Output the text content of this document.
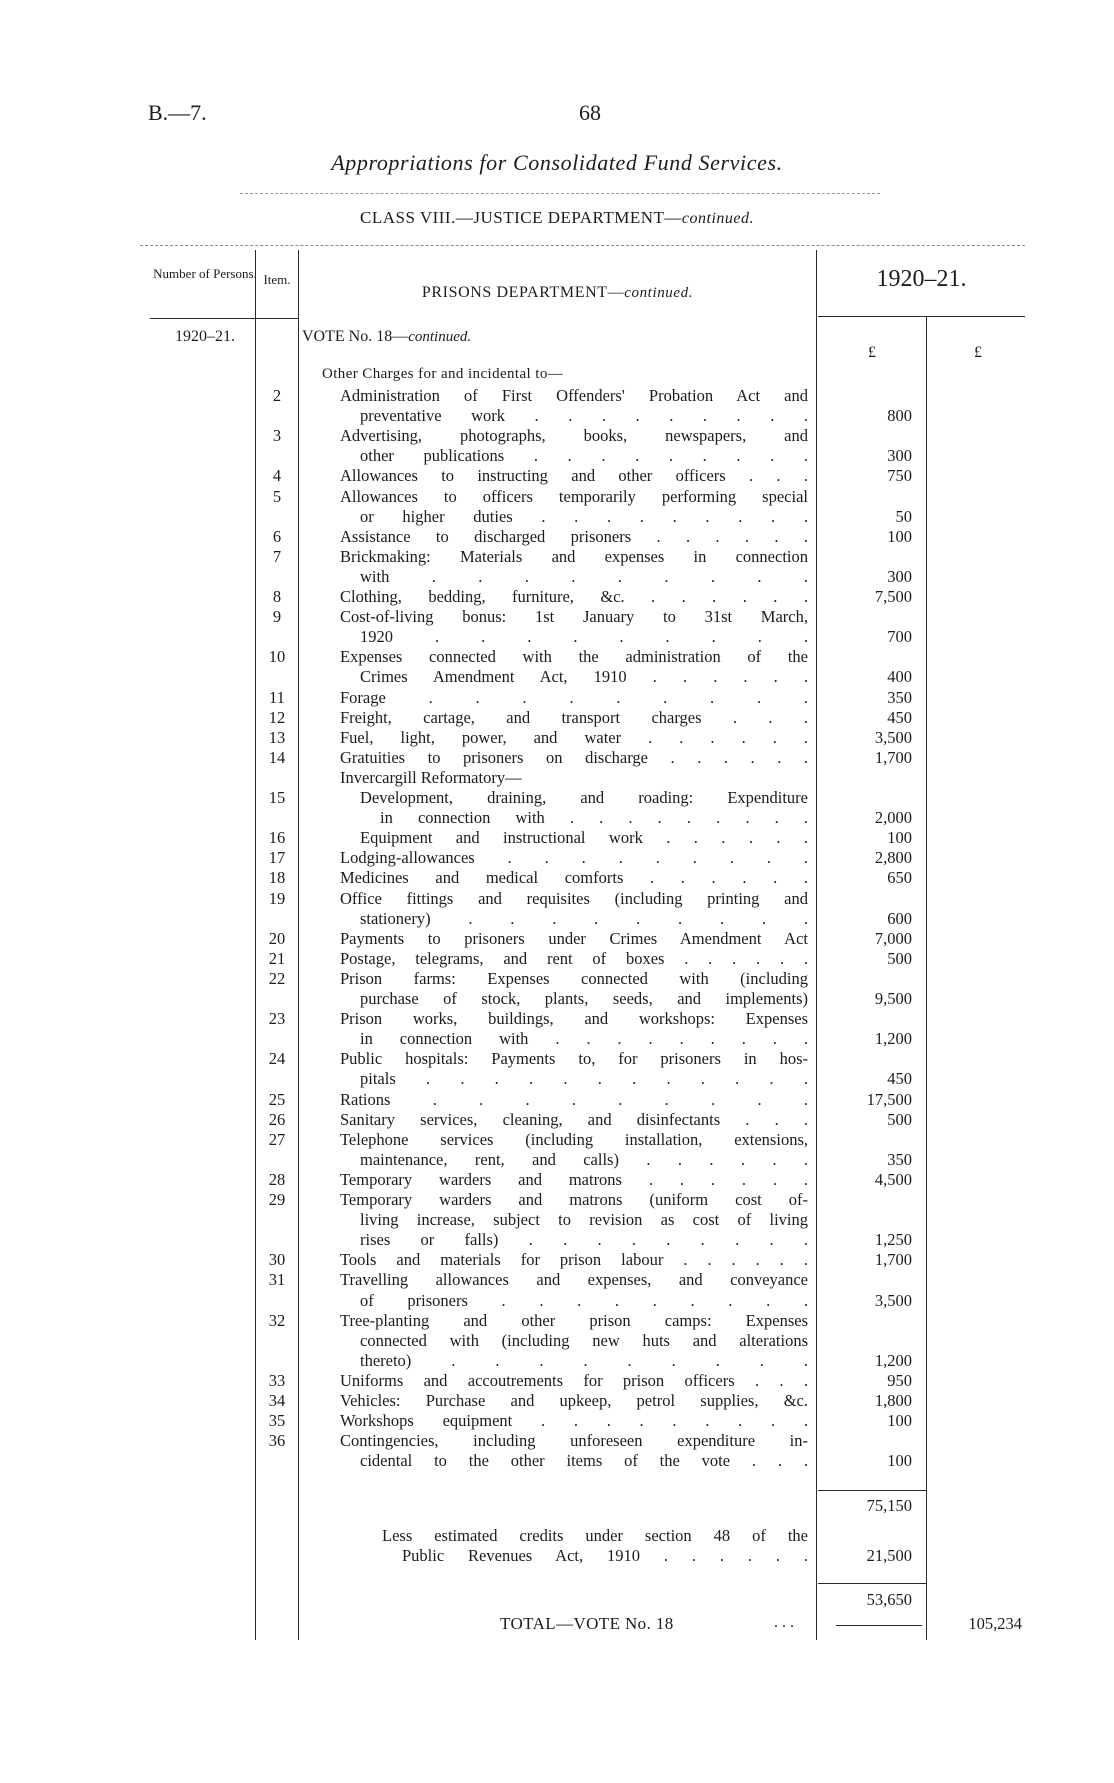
B.—7.	68
Appropriations for Consolidated Fund Services.
CLASS VIII.—JUSTICE DEPARTMENT—continued.
Number of Persons. Item.
PRISONS DEPARTMENT—continued.
1920–21.
1920–21.	VOTE No. 18—continued.
£	£
Other Charges for and incidental to—
2	Administration of First Offenders' Probation Act and
preventative work . . . . . . . . .	800
3	Advertising, photographs, books, newspapers, and
other publications . . . . . . . . .	300
4	Allowances to instructing and other officers . . .	750
5	Allowances to officers temporarily performing special
or higher duties . . . . . . . . .	50
6	Assistance to discharged prisoners . . . . . .	100
7	Brickmaking: Materials and expenses in connection
with . . . . . . . . .	300
8	Clothing, bedding, furniture, &c. . . . . . .	7,500
9	Cost-of-living bonus: 1st January to 31st March,
1920 . . . . . . . . .	700
10	Expenses connected with the administration of the
Crimes Amendment Act, 1910 . . . . . .	400
11	Forage . . . . . . . . .	350
12	Freight, cartage, and transport charges . . .	450
13	Fuel, light, power, and water . . . . . .	3,500
14	Gratuities to prisoners on discharge . . . . . .	1,700
Invercargill Reformatory—
15	Development, draining, and roading: Expenditure
in connection with . . . . . . . . .	2,000
16	Equipment and instructional work . . . . . .	100
17	Lodging-allowances . . . . . . . . .	2,800
18	Medicines and medical comforts . . . . . .	650
19	Office fittings and requisites (including printing and
stationery) . . . . . . . . .	600
20	Payments to prisoners under Crimes Amendment Act	7,000
21	Postage, telegrams, and rent of boxes . . . . . .	500
22	Prison farms: Expenses connected with (including
purchase of stock, plants, seeds, and implements)	9,500
23	Prison works, buildings, and workshops: Expenses
in connection with . . . . . . . . .	1,200
24	Public hospitals: Payments to, for prisoners in hos-
pitals . . . . . . . . . . . .	450
25	Rations . . . . . . . . .	17,500
26	Sanitary services, cleaning, and disinfectants . . .	500
27	Telephone services (including installation, extensions,
maintenance, rent, and calls) . . . . . .	350
28	Temporary warders and matrons . . . . . .	4,500
29	Temporary warders and matrons (uniform cost of-
living increase, subject to revision as cost of living
rises or falls) . . . . . . . . .	1,250
30	Tools and materials for prison labour . . . . . .	1,700
31	Travelling allowances and expenses, and conveyance
of prisoners . . . . . . . . .	3,500
32	Tree-planting and other prison camps: Expenses
connected with (including new huts and alterations
thereto) . . . . . . . . .	1,200
33	Uniforms and accoutrements for prison officers . . .	950
34	Vehicles: Purchase and upkeep, petrol supplies, &c.	1,800
35	Workshops equipment . . . . . . . . .	100
36	Contingencies, including unforeseen expenditure in-
cidental to the other items of the vote . . .	100
75,150
Less estimated credits under section 48 of the
Public Revenues Act, 1910 . . . . . .	21,500
53,650
TOTAL—VOTE No. 18	. . .	105,234
